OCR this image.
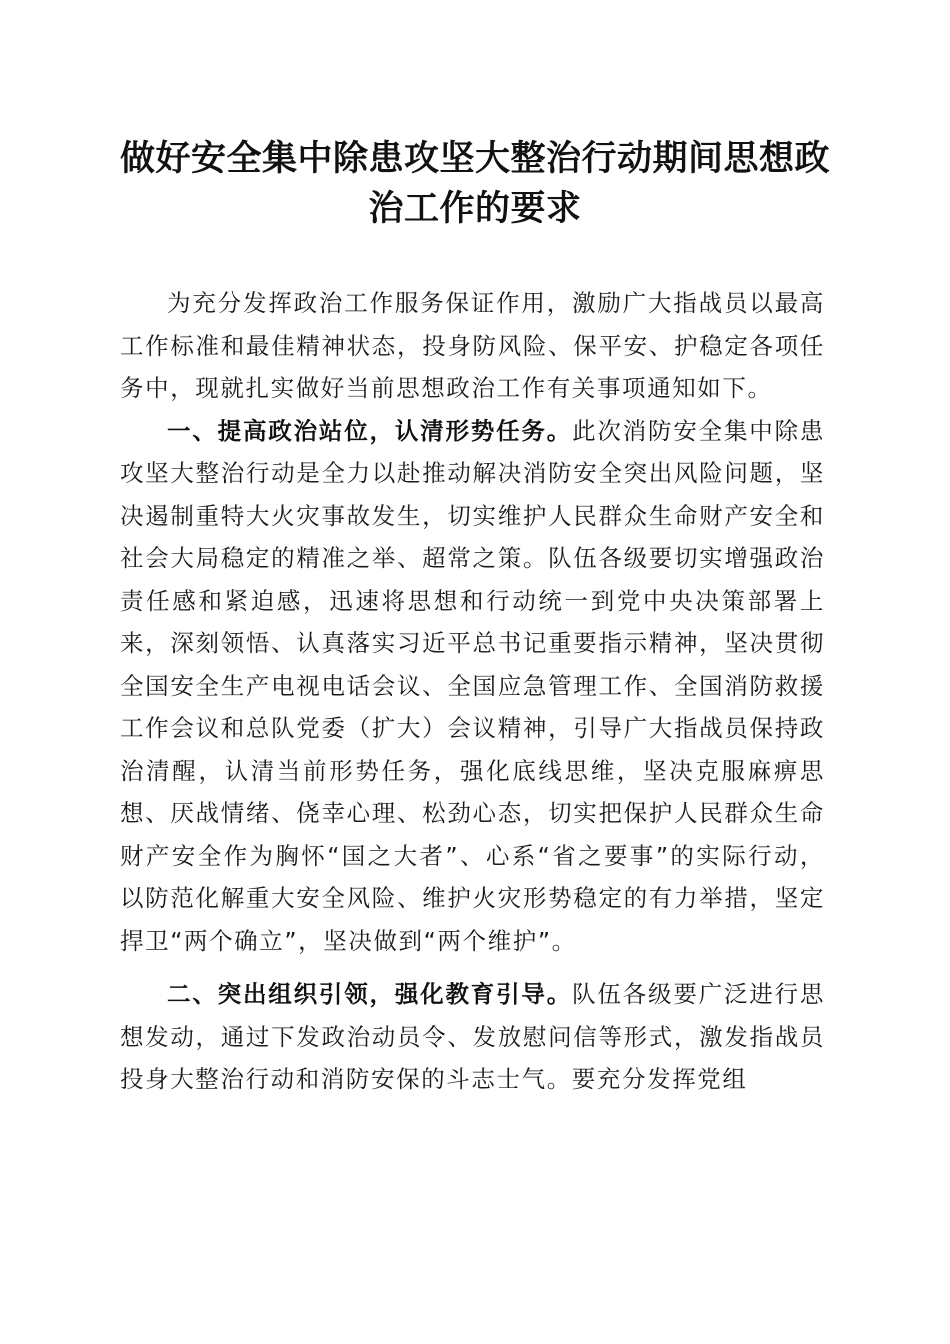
做好安全集中除患攻坚大整治行动期间思想政
治工作的要求

为充分发挥政治工作服务保证作用，激励广大指战员以最高工作标准和最佳精神状态，投身防风险、保平安、护稳定各项任务中，现就扎实做好当前思想政治工作有关事项通知如下。

一、提高政治站位，认清形势任务。此次消防安全集中除患攻坚大整治行动是全力以赴推动解决消防安全突出风险问题，坚决遏制重特大火灾事故发生，切实维护人民群众生命财产安全和社会大局稳定的精准之举、超常之策。队伍各级要切实增强政治责任感和紧迫感，迅速将思想和行动统一到党中央决策部署上来，深刻领悟、认真落实习近平总书记重要指示精神，坚决贯彻全国安全生产电视电话会议、全国应急管理工作、全国消防救援工作会议和总队党委（扩大）会议精神，引导广大指战员保持政治清醒，认清当前形势任务，强化底线思维，坚决克服麻痹思想、厌战情绪、侥幸心理、松劲心态，切实把保护人民群众生命财产安全作为胸怀“国之大者”、心系“省之要事”的实际行动，以防范化解重大安全风险、维护火灾形势稳定的有力举措，坚定捍卫“两个确立”，坚决做到“两个维护”。

二、突出组织引领，强化教育引导。队伍各级要广泛进行思想发动，通过下发政治动员令、发放慰问信等形式，激发指战员投身大整治行动和消防安保的斗志士气。要充分发挥党组
